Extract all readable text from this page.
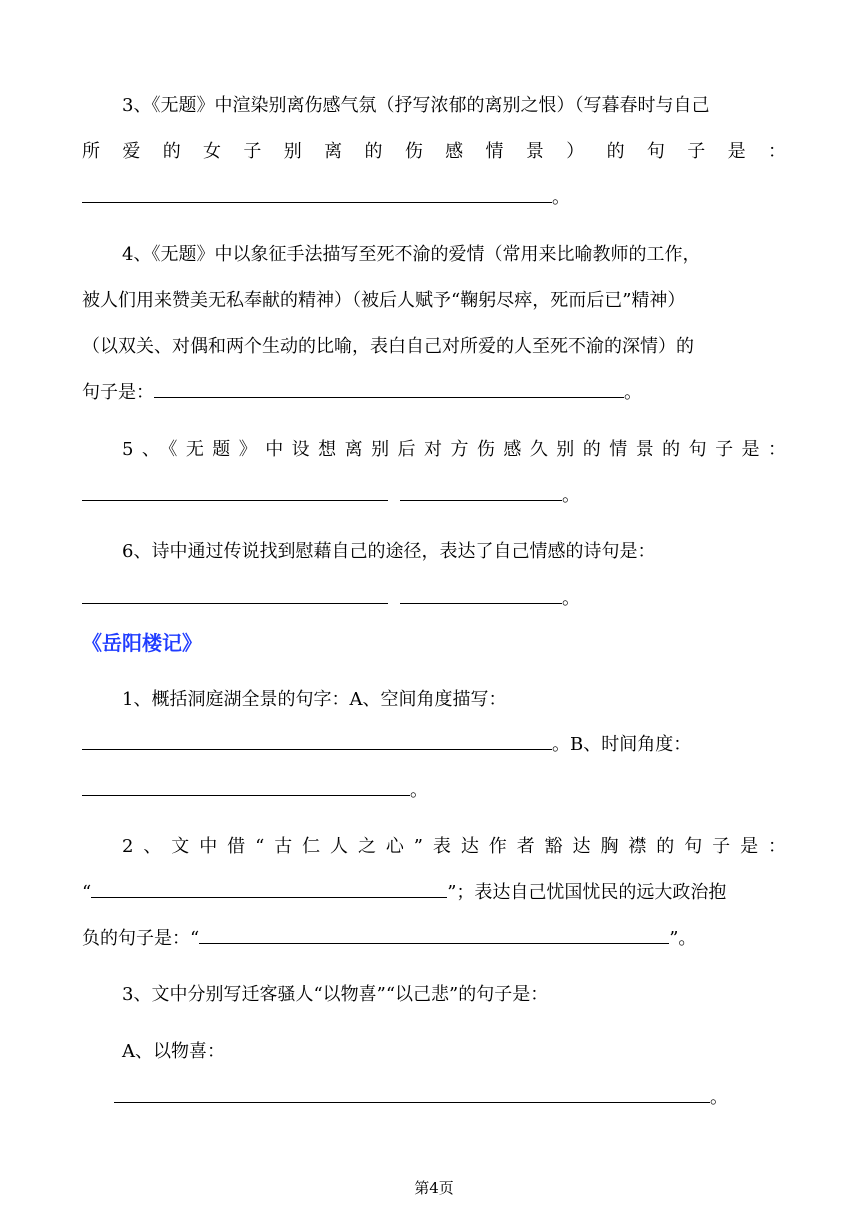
3、《无题》中渲染别离伤感气氛（抒写浓郁的离别之恨）（写暮春时与自己
所 爱 的 女 子 别 离 的 伤 感 情 景 ） 的 句 子 是 ：
。
4、《无题》中以象征手法描写至死不渝的爱情（常用来比喻教师的工作，
被人们用来赞美无私奉献的精神）（被后人赋予“鞠躬尽瘁，死而后已”精神）
（以双关、对偶和两个生动的比喻，表白自己对所爱的人至死不渝的深情）的
句子是：	。
5、《无题》中设想离别后对方伤感久别的情景的句子是：
。
6、诗中通过传说找到慰藉自己的途径，表达了自己情感的诗句是：
。
《岳阳楼记》
1、概括洞庭湖全景的句字：A、空间角度描写：
。B、时间角度：
。
2、文中借“古仁人之心”表达作者豁达胸襟的句子是：
“	”；表达自己忧国忧民的远大政治抱
负的句子是：“	”。
3、文中分别写迁客骚人“以物喜”“以己悲”的句子是：
A、以物喜：
。
第4页
